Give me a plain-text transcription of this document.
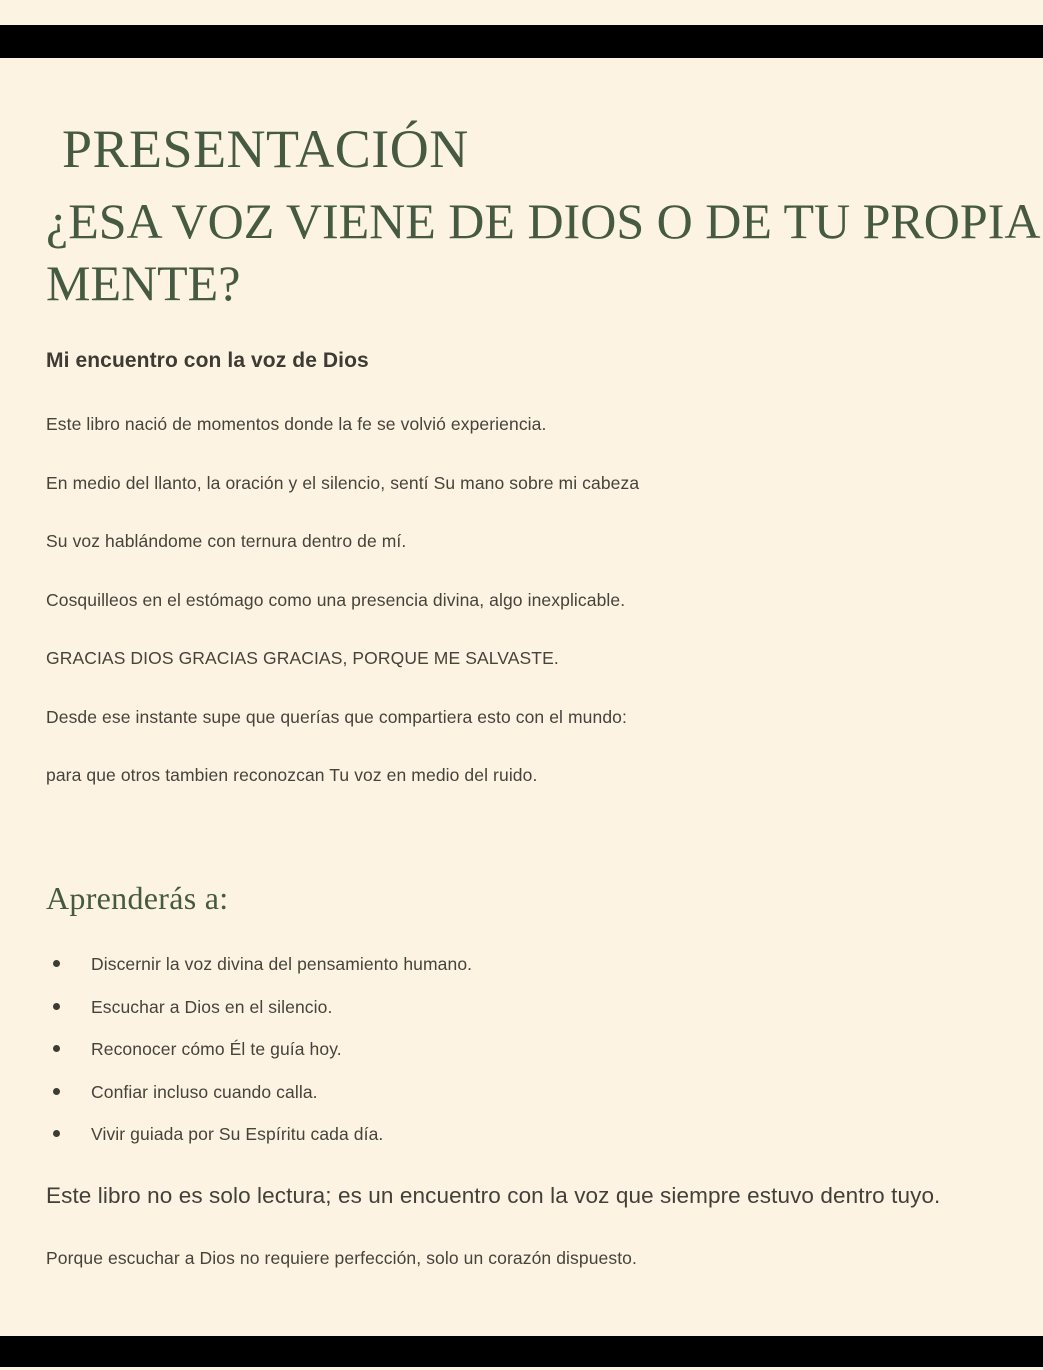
PRESENTACIÓN
¿ESA VOZ VIENE DE DIOS O DE TU PROPIA
MENTE?
Mi encuentro con la voz de Dios

Este libro nació de momentos donde la fe se volvió experiencia.

En medio del llanto, la oración y el silencio, sentí Su mano sobre mi cabeza

Su voz hablándome con ternura dentro de mí.

Cosquilleos en el estómago como una presencia divina, algo inexplicable.

GRACIAS DIOS GRACIAS GRACIAS, PORQUE ME SALVASTE.

Desde ese instante supe que querías que compartiera esto con el mundo:

para que otros tambien reconozcan Tu voz en medio del ruido.

Aprenderás a:
Discernir la voz divina del pensamiento humano.
Escuchar a Dios en el silencio.
Reconocer cómo Él te guía hoy.
Confiar incluso cuando calla.
Vivir guiada por Su Espíritu cada día.
Este libro no es solo lectura; es un encuentro con la voz que siempre estuvo dentro tuyo.
Porque escuchar a Dios no requiere perfección, solo un corazón dispuesto.
